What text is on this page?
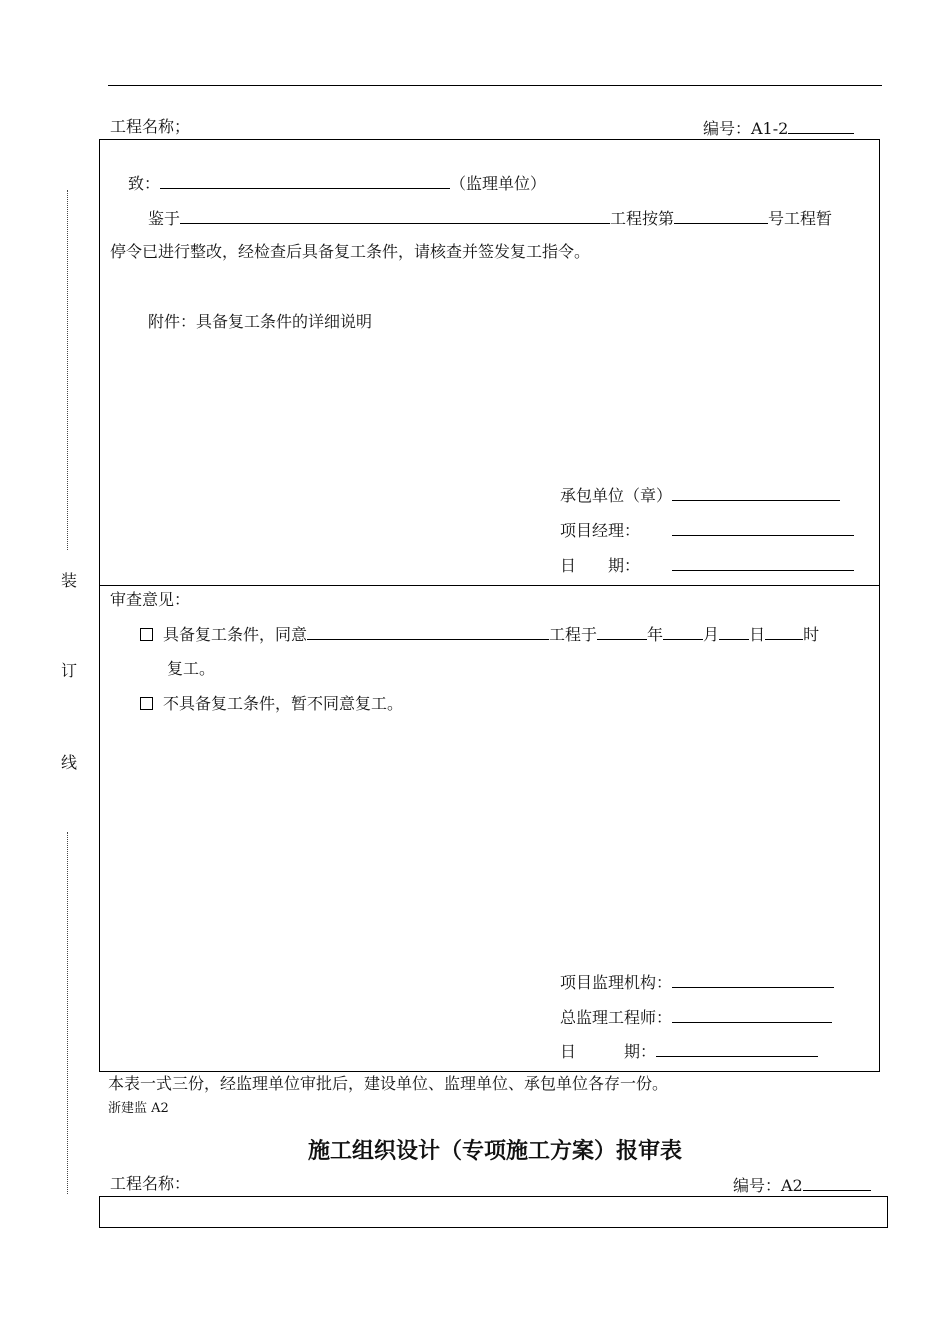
装
订
线
工程名称；	编号：A1-2
致：	（监理单位）
鉴于	工程按第	号工程暂
停令已进行整改，经检查后具备复工条件，请核查并签发复工指令。
附件：具备复工条件的详细说明
承包单位（章）
项目经理：
日　　期：
审查意见：
具备复工条件，同意	工程于	年	月 日 时
复工。
不具备复工条件，暂不同意复工。
项目监理机构：
总监理工程师：
日　　　期：
本表一式三份，经监理单位审批后，建设单位、监理单位、承包单位各存一份。
浙建监 A2
施工组织设计（专项施工方案）报审表
工程名称：	编号：A2
